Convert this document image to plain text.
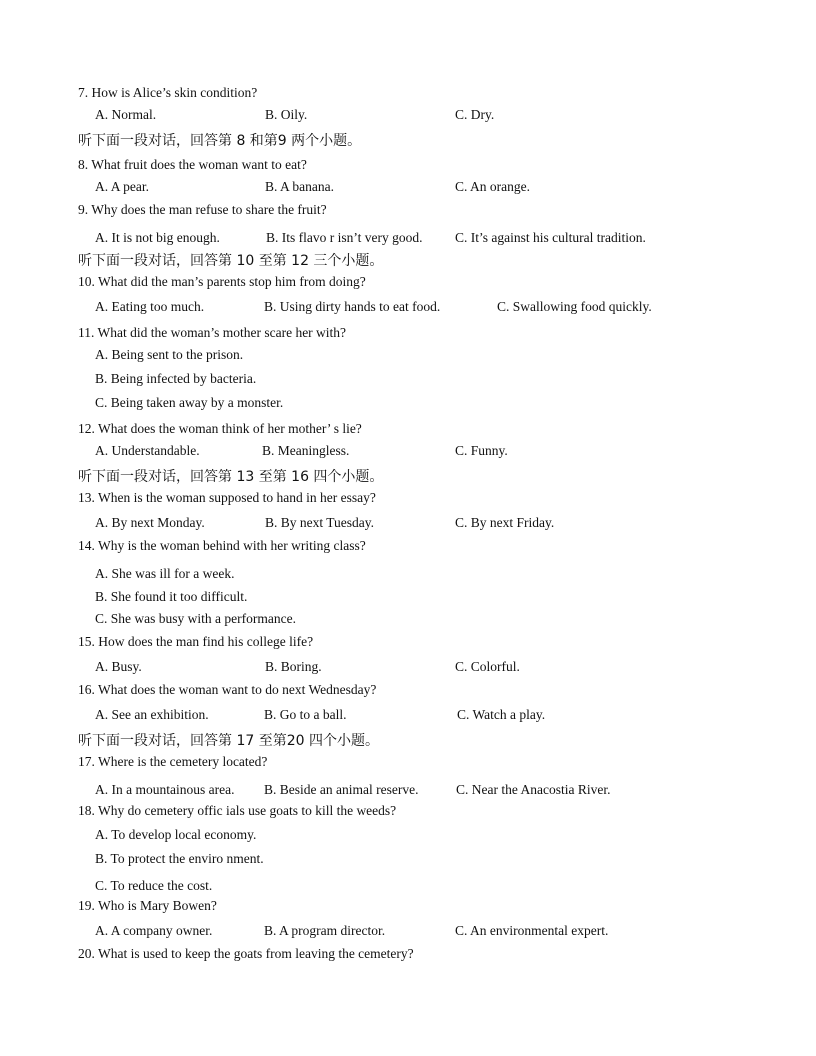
7. How is Alice’s skin condition?
A. Normal.	B. Oily.	C. Dry.
听下面一段对话，回答第 8 和第9 两个小题。
8. What fruit does the woman want to eat?
A. A pear.	B. A banana.	C. An orange.
9. Why does the man refuse to share the fruit?
A. It is not big enough.	B. Its flavo r isn’t very good. C. It’s against his cultural tradition.
听下面一段对话，回答第 10 至第 12 三个小题。
10. What did the man’s parents stop him from doing?
A. Eating too much.	B. Using dirty hands to eat food.	C. Swallowing food quickly.
11. What did the woman’s mother scare her with?
A. Being sent to the prison.
B. Being infected by bacteria.
C. Being taken away by a monster.
12. What does the woman think of her mother’ s lie?
A. Understandable.	B. Meaningless.	C. Funny.
听下面一段对话，回答第 13 至第 16 四个小题。
13. When is the woman supposed to hand in her essay?
A. By next Monday.	B. By next Tuesday.	C. By next Friday.
14. Why is the woman behind with her writing class?
A. She was ill for a week.
B. She found it too difficult.
C. She was busy with a performance.
15. How does the man find his college life?
A. Busy.	B. Boring.	C. Colorful.
16. What does the woman want to do next Wednesday?
A. See an exhibition.	B. Go to a ball.	C. Watch a play.
听下面一段对话，回答第 17 至第20 四个小题。
17. Where is the cemetery located?
A. In a mountainous area. B. Beside an animal reserve.	C. Near the Anacostia River.
18. Why do cemetery offic ials use goats to kill the weeds?
A. To develop local economy.
B. To protect the enviro nment.
C. To reduce the cost.
19. Who is Mary Bowen?
A. A company owner.	B. A program director.	C. An environmental expert.
20. What is used to keep the goats from leaving the cemetery?
